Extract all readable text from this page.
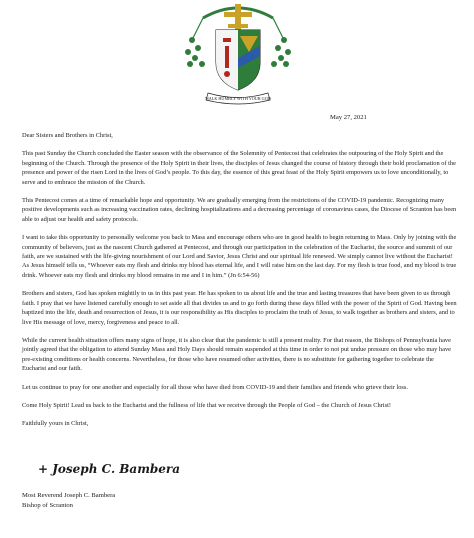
WALK HUMBLY WITH YOUR GOD
May 27, 2021

Dear Sisters and Brothers in Christ,

This past Sunday the Church concluded the Easter season with the observance of the Solemnity of Pentecost that celebrates the outpouring of the Holy Spirit and the beginning of the Church. Through the presence of the Holy Spirit in their lives, the disciples of Jesus changed the course of history through their bold proclamation of the presence and power of the risen Lord in the lives of God’s people. To this day, the essence of this great feast of the Holy Spirit empowers us to love unconditionally, to serve and to embrace the mission of the Church.

This Pentecost comes at a time of remarkable hope and opportunity. We are gradually emerging from the restrictions of the COVID-19 pandemic. Recognizing many positive developments such as increasing vaccination rates, declining hospitalizations and a decreasing percentage of coronavirus cases, the Diocese of Scranton has been able to adjust our health and safety protocols.

I want to take this opportunity to personally welcome you back to Mass and encourage others who are in good health to begin returning to Mass. Only by joining with the community of believers, just as the nascent Church gathered at Pentecost, and through our participation in the celebration of the Eucharist, the source and summit of our faith, are we sustained with the life-giving nourishment of our Lord and Savior, Jesus Christ and our spiritual life renewed. We simply cannot live without the Eucharist! As Jesus himself tells us, “Whoever eats my flesh and drinks my blood has eternal life, and I will raise him on the last day. For my flesh is true food, and my blood is true drink. Whoever eats my flesh and drinks my blood remains in me and I in him.” (Jn 6:54-56)

Brothers and sisters, God has spoken mightily to us in this past year. He has spoken to us about life and the true and lasting treasures that have been given to us through faith. I pray that we have listened carefully enough to set aside all that divides us and to go forth during these days filled with the power of the Spirit of God. Having been baptized into the life, death and resurrection of Jesus, it is our responsibility as His disciples to proclaim the truth of Jesus, to walk together as brothers and sisters, and to live His message of love, mercy, forgiveness and peace to all.

While the current health situation offers many signs of hope, it is also clear that the pandemic is still a present reality. For that reason, the Bishops of Pennsylvania have jointly agreed that the obligation to attend Sunday Mass and Holy Days should remain suspended at this time in order to not put undue pressure on those who may have pre-existing conditions or health concerns. Nevertheless, for those who have resumed other activities, there is no substitute for gathering together to celebrate the Eucharist and our faith.

Let us continue to pray for one another and especially for all those who have died from COVID-19 and their families and friends who grieve their loss.

Come Holy Spirit! Lead us back to the Eucharist and the fullness of life that we receive through the People of God – the Church of Jesus Christ!

Faithfully yours in Christ,

+ Joseph C. Bambera
Most Reverend Joseph C. Bambera
Bishop of Scranton
